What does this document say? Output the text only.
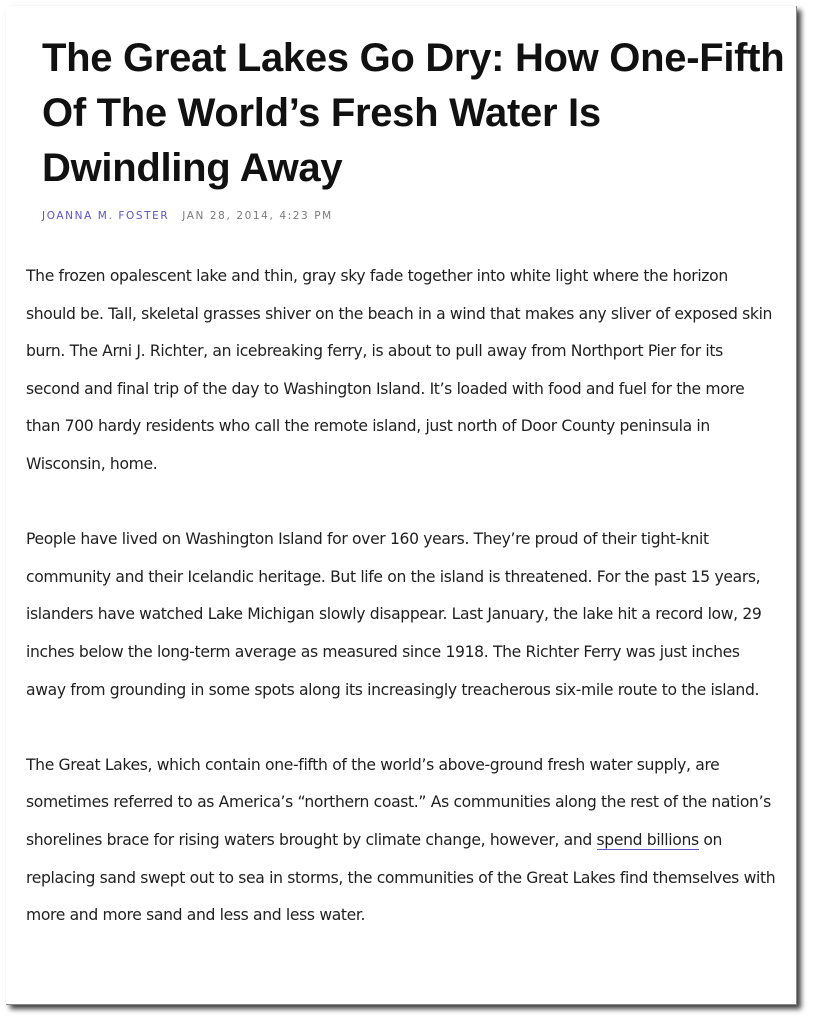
The Great Lakes Go Dry: How One-Fifth Of The World’s Fresh Water Is Dwindling Away
JOANNA M. FOSTER JAN 28, 2014, 4:23 PM

The frozen opalescent lake and thin, gray sky fade together into white light where the horizon should be. Tall, skeletal grasses shiver on the beach in a wind that makes any sliver of exposed skin burn. The Arni J. Richter, an icebreaking ferry, is about to pull away from Northport Pier for its second and final trip of the day to Washington Island. It’s loaded with food and fuel for the more than 700 hardy residents who call the remote island, just north of Door County peninsula in Wisconsin, home.

People have lived on Washington Island for over 160 years. They’re proud of their tight-knit community and their Icelandic heritage. But life on the island is threatened. For the past 15 years, islanders have watched Lake Michigan slowly disappear. Last January, the lake hit a record low, 29 inches below the long-term average as measured since 1918. The Richter Ferry was just inches away from grounding in some spots along its increasingly treacherous six-mile route to the island.

The Great Lakes, which contain one-fifth of the world’s above-ground fresh water supply, are sometimes referred to as America’s “northern coast.” As communities along the rest of the nation’s shorelines brace for rising waters brought by climate change, however, and spend billions on replacing sand swept out to sea in storms, the communities of the Great Lakes find themselves with more and more sand and less and less water.
